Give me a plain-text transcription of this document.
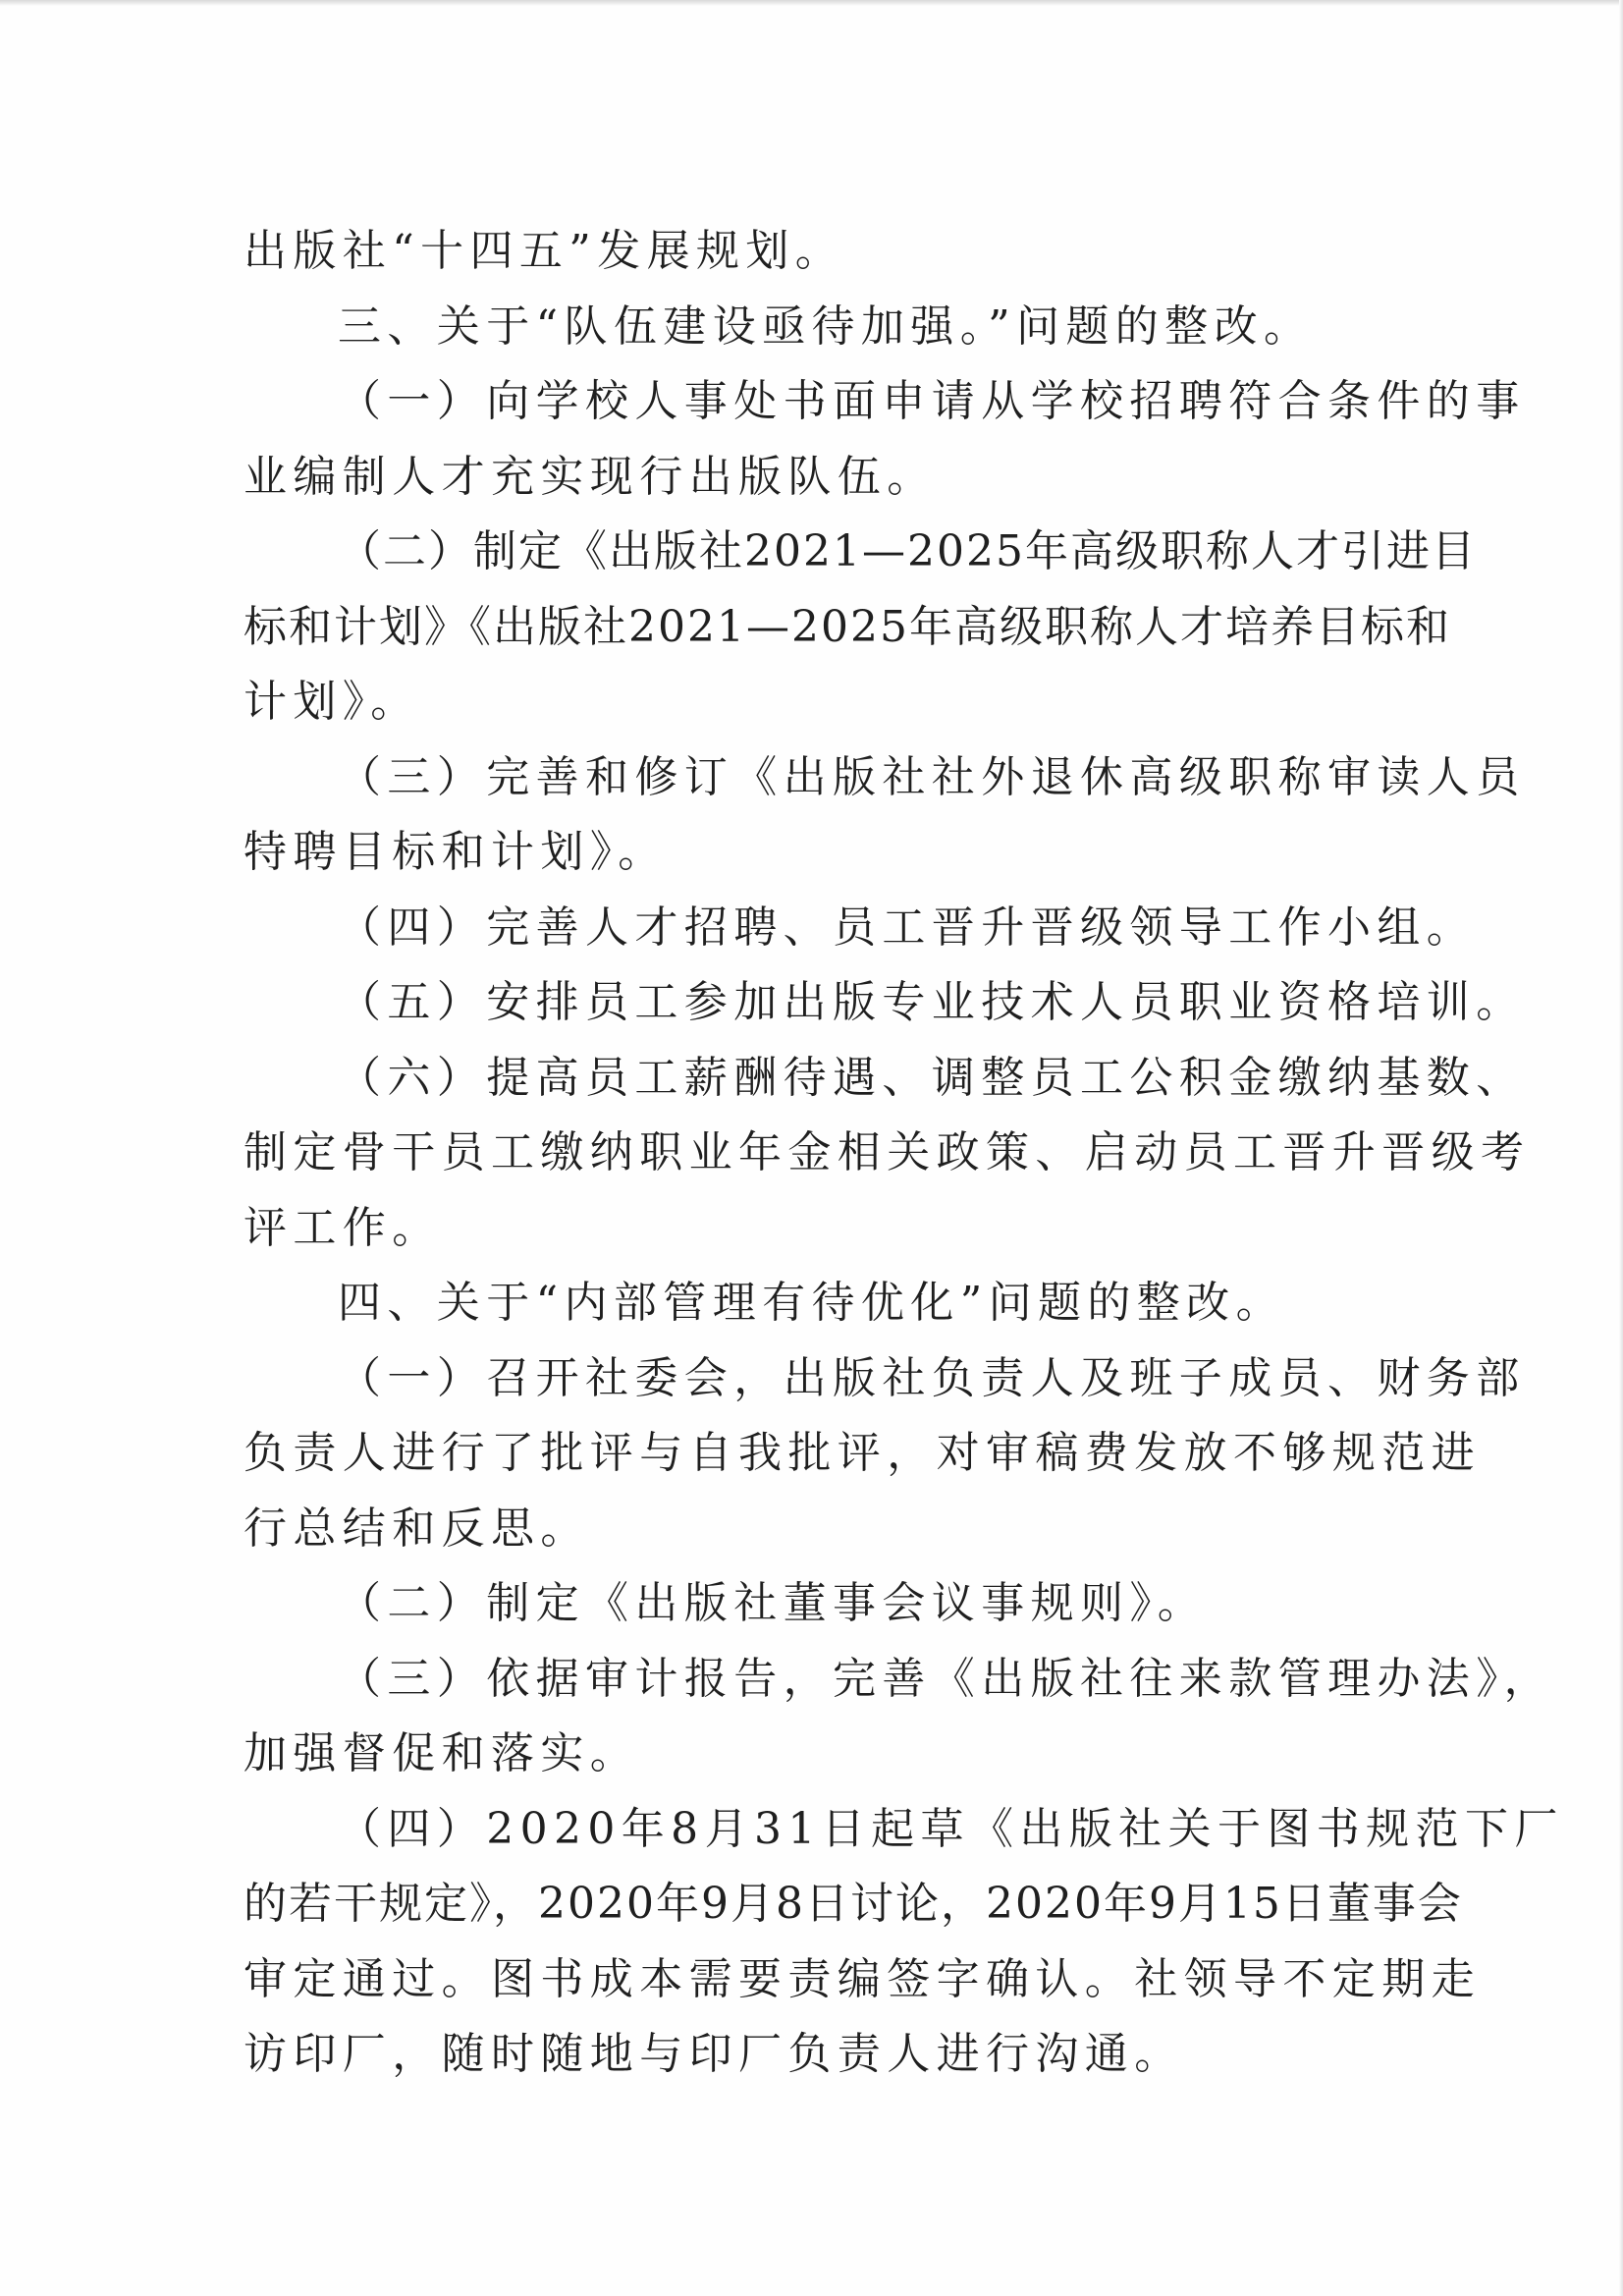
出版社“十四五”发展规划。
三、关于“队伍建设亟待加强。”问题的整改。
（一）向学校人事处书面申请从学校招聘符合条件的事
业编制人才充实现行出版队伍。
（二）制定《出版社2021—2025年高级职称人才引进目
标和计划》《出版社2021—2025年高级职称人才培养目标和
计划》。
（三）完善和修订《出版社社外退休高级职称审读人员
特聘目标和计划》。
（四）完善人才招聘、员工晋升晋级领导工作小组。
（五）安排员工参加出版专业技术人员职业资格培训。
（六）提高员工薪酬待遇、调整员工公积金缴纳基数、
制定骨干员工缴纳职业年金相关政策、启动员工晋升晋级考
评工作。
四、关于“内部管理有待优化”问题的整改。
（一）召开社委会，出版社负责人及班子成员、财务部
负责人进行了批评与自我批评，对审稿费发放不够规范进
行总结和反思。
（二）制定《出版社董事会议事规则》。
（三）依据审计报告，完善《出版社往来款管理办法》，
加强督促和落实。
（四）2020年8月31日起草《出版社关于图书规范下厂
的若干规定》，2020年9月8日讨论，2020年9月15日董事会
审定通过。图书成本需要责编签字确认。社领导不定期走
访印厂，随时随地与印厂负责人进行沟通。
